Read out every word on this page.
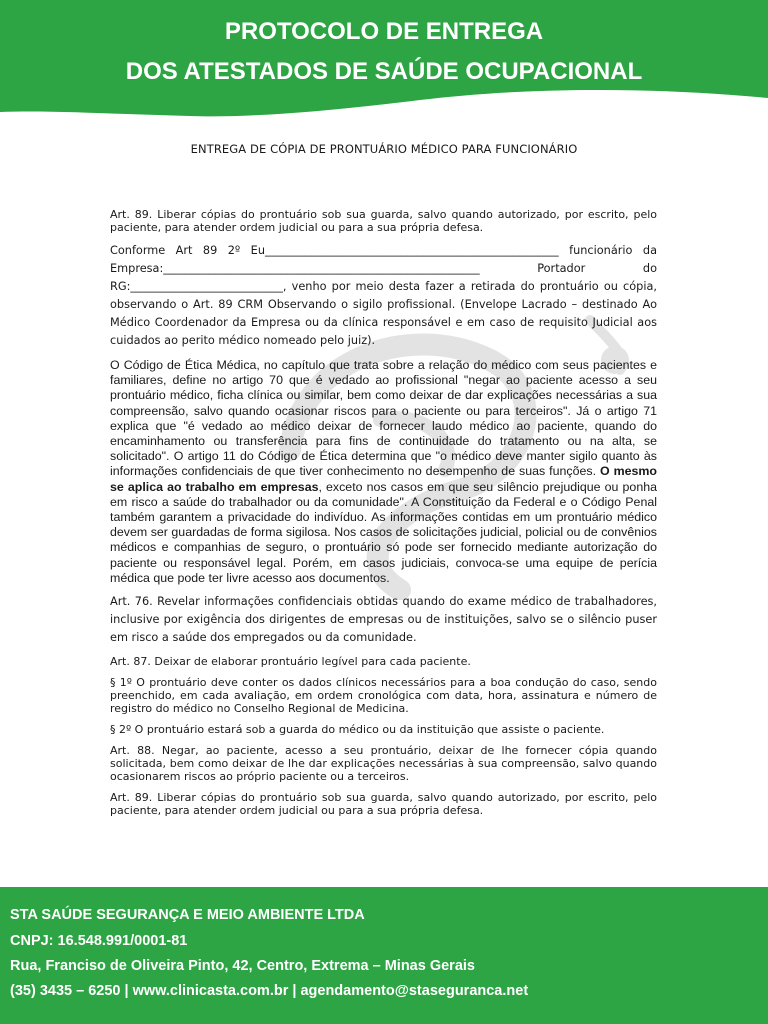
PROTOCOLO DE ENTREGA
DOS ATESTADOS DE SAÚDE OCUPACIONAL
ENTREGA DE CÓPIA DE PRONTUÁRIO MÉDICO PARA FUNCIONÁRIO

Art. 89. Liberar cópias do prontuário sob sua guarda, salvo quando autorizado, por escrito, pelo paciente, para atender ordem judicial ou para a sua própria defesa.

Conforme Art 89 2º Eu____________________________________________________ funcionário da Empresa:________________________________________________________ Portador do RG:___________________________, venho por meio desta fazer a retirada do prontuário ou cópia, observando o Art. 89 CRM Observando o sigilo profissional. (Envelope Lacrado – destinado Ao Médico Coordenador da Empresa ou da clínica responsável e em caso de requisito Judicial aos cuidados ao perito médico nomeado pelo juiz).

O Código de Ética Médica, no capítulo que trata sobre a relação do médico com seus pacientes e familiares, define no artigo 70 que é vedado ao profissional "negar ao paciente acesso a seu prontuário médico, ficha clínica ou similar, bem como deixar de dar explicações necessárias a sua compreensão, salvo quando ocasionar riscos para o paciente ou para terceiros". Já o artigo 71 explica que "é vedado ao médico deixar de fornecer laudo médico ao paciente, quando do encaminhamento ou transferência para fins de continuidade do tratamento ou na alta, se solicitado". O artigo 11 do Código de Ética determina que "o médico deve manter sigilo quanto às informações confidenciais de que tiver conhecimento no desempenho de suas funções. O mesmo se aplica ao trabalho em empresas, exceto nos casos em que seu silêncio prejudique ou ponha em risco a saúde do trabalhador ou da comunidade". A Constituição da Federal e o Código Penal também garantem a privacidade do indivíduo. As informações contidas em um prontuário médico devem ser guardadas de forma sigilosa. Nos casos de solicitações judicial, policial ou de convênios médicos e companhias de seguro, o prontuário só pode ser fornecido mediante autorização do paciente ou responsável legal. Porém, em casos judiciais, convoca-se uma equipe de perícia médica que pode ter livre acesso aos documentos.

Art. 76. Revelar informações confidenciais obtidas quando do exame médico de trabalhadores, inclusive por exigência dos dirigentes de empresas ou de instituições, salvo se o silêncio puser em risco a saúde dos empregados ou da comunidade.

Art. 87. Deixar de elaborar prontuário legível para cada paciente.

§ 1º O prontuário deve conter os dados clínicos necessários para a boa condução do caso, sendo preenchido, em cada avaliação, em ordem cronológica com data, hora, assinatura e número de registro do médico no Conselho Regional de Medicina.

§ 2º O prontuário estará sob a guarda do médico ou da instituição que assiste o paciente.

Art. 88. Negar, ao paciente, acesso a seu prontuário, deixar de lhe fornecer cópia quando solicitada, bem como deixar de lhe dar explicações necessárias à sua compreensão, salvo quando ocasionarem riscos ao próprio paciente ou a terceiros.

Art. 89. Liberar cópias do prontuário sob sua guarda, salvo quando autorizado, por escrito, pelo paciente, para atender ordem judicial ou para a sua própria defesa.

STA SAÚDE SEGURANÇA E MEIO AMBIENTE LTDA
CNPJ: 16.548.991/0001-81
Rua, Franciso de Oliveira Pinto, 42, Centro, Extrema – Minas Gerais
(35) 3435 – 6250 | www.clinicasta.com.br | agendamento@staseguranca.net
